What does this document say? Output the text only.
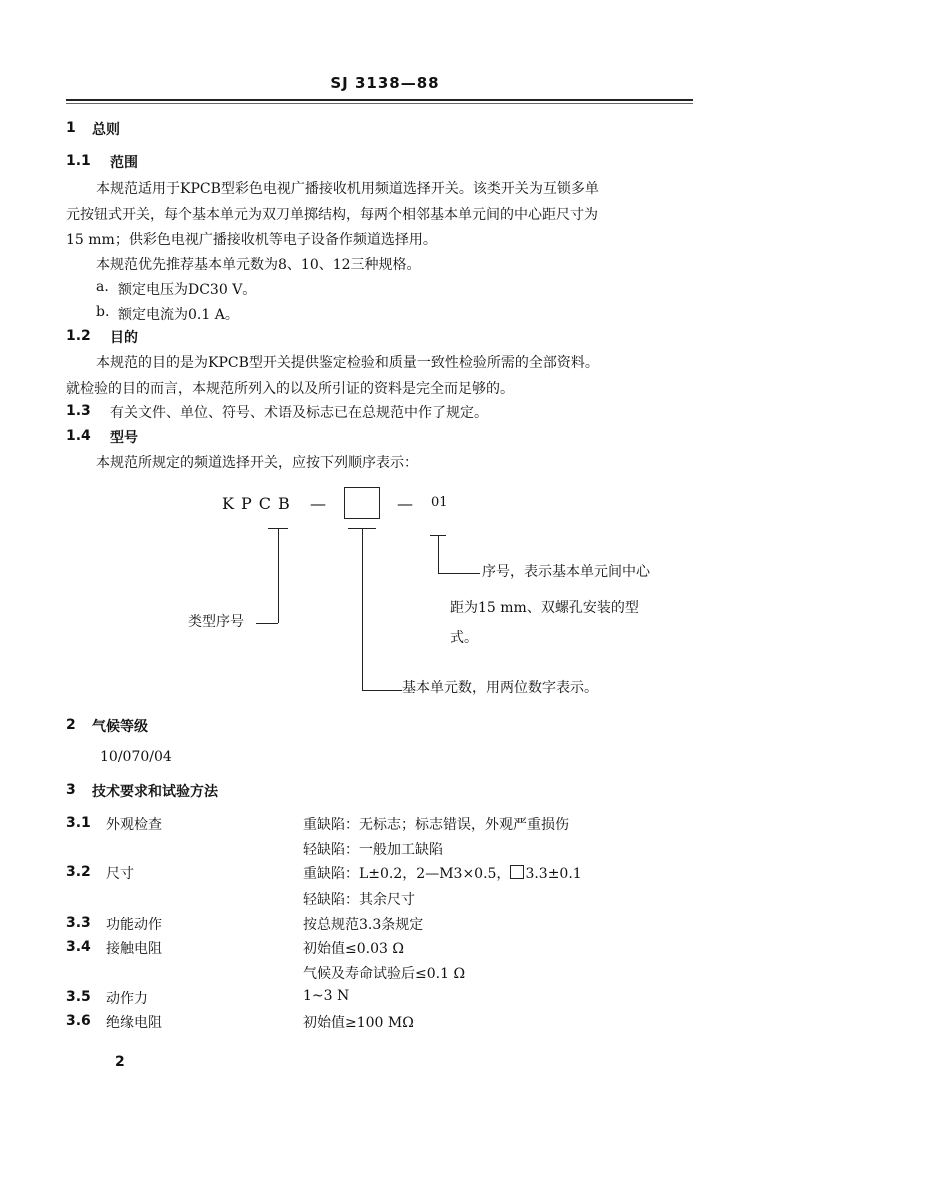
SJ 3138—88
1 总则
1.1 范围
本规范适用于KPCB型彩色电视广播接收机用频道选择开关。该类开关为互锁多单
元按钮式开关，每个基本单元为双刀单掷结构，每两个相邻基本单元间的中心距尺寸为
15 mm；供彩色电视广播接收机等电子设备作频道选择用。
本规范优先推荐基本单元数为8、10、12三种规格。
a. 额定电压为DC30 V。
b. 额定电流为0.1 A。
1.2 目的
本规范的目的是为KPCB型开关提供鉴定检验和质量一致性检验所需的全部资料。
就检验的目的而言，本规范所列入的以及所引证的资料是完全而足够的。
1.3 有关文件、单位、符号、术语及标志已在总规范中作了规定。
1.4 型号
本规范所规定的频道选择开关，应按下列顺序表示：
KPCB —	— 01
类型序号
基本单元数，用两位数字表示。
序号，表示基本单元间中心
距为15 mm、双螺孔安装的型
式。
2 气候等级
10/070/04
3 技术要求和试验方法
3.1 外观检查	重缺陷：无标志；标志错误，外观严重损伤
轻缺陷：一般加工缺陷
3.2 尺寸	重缺陷：L±0.2，2—M3×0.5， 3.3±0.1
轻缺陷：其余尺寸
3.3 功能动作	按总规范3.3条规定
3.4 接触电阻	初始值≤0.03 Ω
气候及寿命试验后≤0.1 Ω
3.5 动作力	1~3 N
3.6 绝缘电阻	初始值≥100 MΩ
2
